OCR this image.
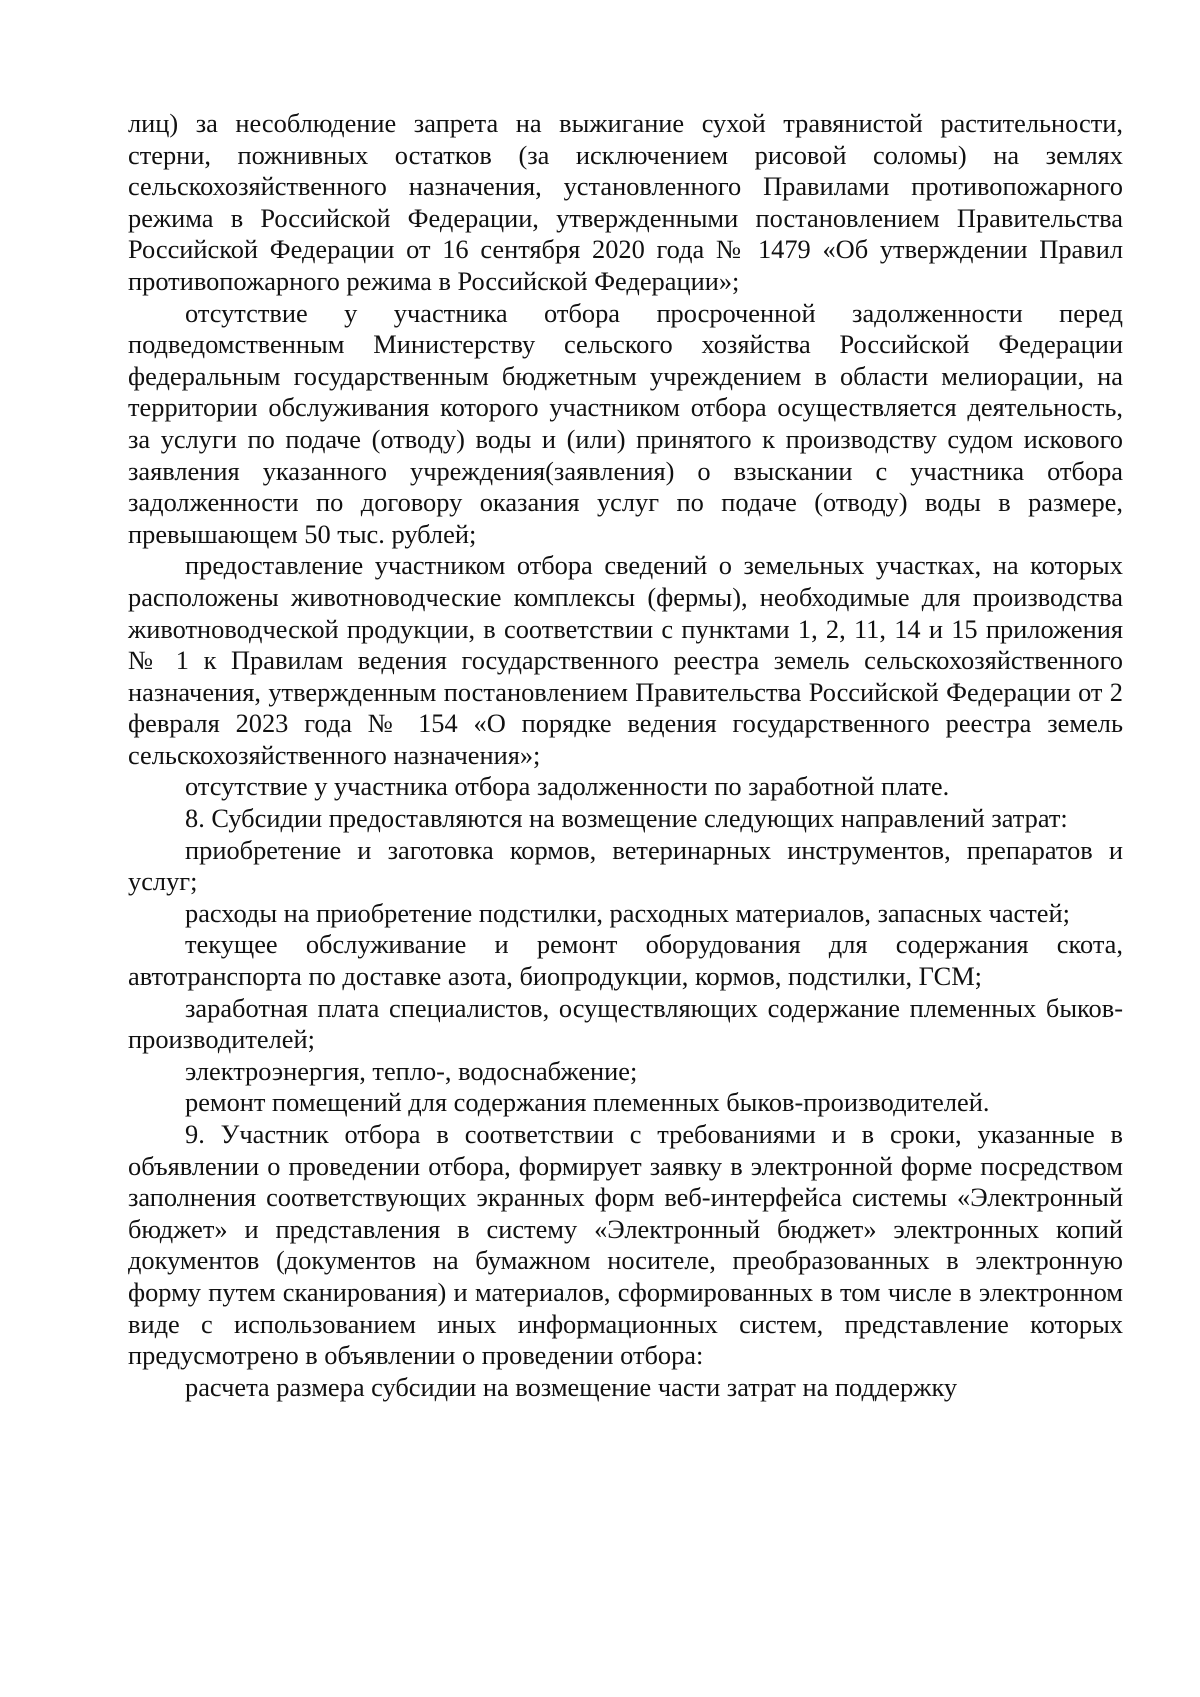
лиц) за несоблюдение запрета на выжигание сухой травянистой растительности, стерни, пожнивных остатков (за исключением рисовой соломы) на землях сельскохозяйственного назначения, установленного Правилами противопожарного режима в Российской Федерации, утвержденными постановлением Правительства Российской Федерации от 16 сентября 2020 года № 1479 «Об утверждении Правил противопожарного режима в Российской Федерации»;

отсутствие у участника отбора просроченной задолженности перед подведомственным Министерству сельского хозяйства Российской Федерации федеральным государственным бюджетным учреждением в области мелиорации, на территории обслуживания которого участником отбора осуществляется деятельность, за услуги по подаче (отводу) воды и (или) принятого к производству судом искового заявления указанного учреждения(заявления) о взыскании с участника отбора задолженности по договору оказания услуг по подаче (отводу) воды в размере, превышающем 50 тыс. рублей;

предоставление участником отбора сведений о земельных участках, на которых расположены животноводческие комплексы (фермы), необходимые для производства животноводческой продукции, в соответствии с пунктами 1, 2, 11, 14 и 15 приложения № 1 к Правилам ведения государственного реестра земель сельскохозяйственного назначения, утвержденным постановлением Правительства Российской Федерации от 2 февраля 2023 года № 154 «О порядке ведения государственного реестра земель сельскохозяйственного назначения»;

отсутствие у участника отбора задолженности по заработной плате.

8. Субсидии предоставляются на возмещение следующих направлений затрат:

приобретение и заготовка кормов, ветеринарных инструментов, препаратов и услуг;

расходы на приобретение подстилки, расходных материалов, запасных частей;

текущее обслуживание и ремонт оборудования для содержания скота, автотранспорта по доставке азота, биопродукции, кормов, подстилки, ГСМ;

заработная плата специалистов, осуществляющих содержание племенных быков-производителей;

электроэнергия, тепло-, водоснабжение;

ремонт помещений для содержания племенных быков-производителей.

9. Участник отбора в соответствии с требованиями и в сроки, указанные в объявлении о проведении отбора, формирует заявку в электронной форме посредством заполнения соответствующих экранных форм веб-интерфейса системы «Электронный бюджет» и представления в систему «Электронный бюджет» электронных копий документов (документов на бумажном носителе, преобразованных в электронную форму путем сканирования) и материалов, сформированных в том числе в электронном виде с использованием иных информационных систем, представление которых предусмотрено в объявлении о проведении отбора:

расчета размера субсидии на возмещение части затрат на поддержку
